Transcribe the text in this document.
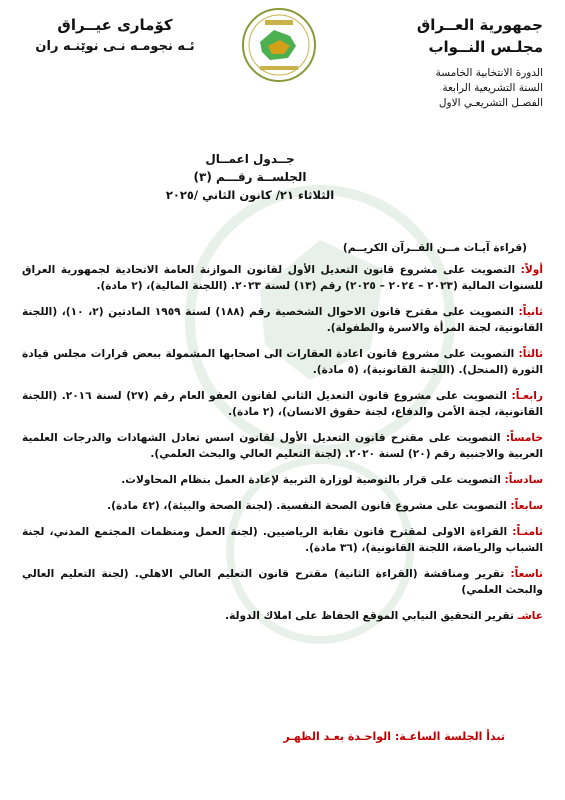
جمهورية العــراق
مجلـس النــواب
الدورة الانتخابية الخامسة
السنة التشريعية الرابعة
الفصـل التشريعـي الاول
كۆمارى عيــراق
ئـه نجومـه نـى نوێنـه ران
جــدول اعمــال
الجلســة رقـــم (٣)
الثلاثاء ٢١/ كانون الثاني /٢٠٢٥
(قراءة آيـات مــن القــرآن الكريــم)
أولاً: التصويت على مشروع قانون التعديل الأول لقانون الموازنة العامة الاتحادية لجمهورية العراق للسنوات المالية (٢٠٢٣ – ٢٠٢٤ – ٢٠٢٥) رقم (١٣) لسنة ٢٠٢٣. (اللجنة المالية)، (٢ مادة).
ثانياً: التصويت على مقترح قانون الاحوال الشخصية رقم (١٨٨) لسنة ١٩٥٩ المادتين (٢، ١٠)، (اللجنة القانونية، لجنة المرأة والاسرة والطفولة).
ثالثاً: التصويت على مشروع قانون اعادة العقارات الى اصحابها المشمولة ببعض قرارات مجلس قيادة الثورة (المنحل). (اللجنة القانونية)، (٥ مادة).
رابعـاً: التصويت على مشروع قانون التعديل الثاني لقانون العفو العام رقم (٢٧) لسنة ٢٠١٦. (اللجنة القانونية، لجنة الأمن والدفاع، لجنة حقوق الانسان)، (٢ مادة).
خامساً: التصويت على مقترح قانون التعديل الأول لقانون اسس تعادل الشهادات والدرجات العلمية العربية والاجنبية رقم (٢٠) لسنة ٢٠٢٠. (لجنة التعليم العالي والبحث العلمي).
سادساً: التصويت على قرار بالتوصية لوزارة التربية لإعادة العمل بنظام المحاولات.
سابعاً: التصويت على مشروع قانون الصحة النفسية. (لجنة الصحة والبيئة)، (٤٢ مادة).
ثامنـاً: القراءة الاولى لمقترح قانون نقابة الرياضيين. (لجنة العمل ومنظمات المجتمع المدني، لجنة الشباب والرياضة، اللجنة القانونية)، (٣٦ مادة).
تاسعاً: تقرير ومناقشة (القراءة الثانية) مقترح قانون التعليم العالي الاهلي. (لجنة التعليم العالي والبحث العلمي)
عاشـ تقرير التحقيق النيابي الموقع الحفاظ على املاك الدولة.
تبدأ الجلسة الساعـة: الواحـدة بعـد الظهـر
